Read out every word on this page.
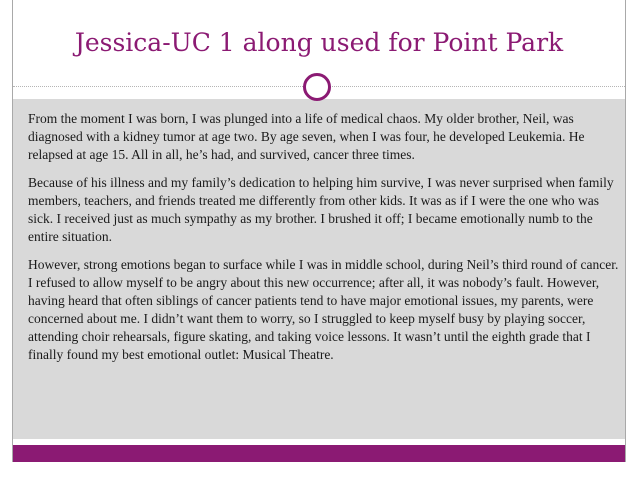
Jessica-UC 1 along used for Point Park

From the moment I was born, I was plunged into a life of medical chaos. My older brother, Neil, was diagnosed with a kidney tumor at age two. By age seven, when I was four, he developed Leukemia. He relapsed at age 15. All in all, he’s had, and survived, cancer three times.

Because of his illness and my family’s dedication to helping him survive, I was never surprised when family members, teachers, and friends treated me differently from other kids. It was as if I were the one who was sick. I received just as much sympathy as my brother. I brushed it off; I became emotionally numb to the entire situation.

However, strong emotions began to surface while I was in middle school, during Neil’s third round of cancer. I refused to allow myself to be angry about this new occurrence; after all, it was nobody’s fault. However, having heard that often siblings of cancer patients tend to have major emotional issues, my parents, were concerned about me. I didn’t want them to worry, so I struggled to keep myself busy by playing soccer, attending choir rehearsals, figure skating, and taking voice lessons. It wasn’t until the eighth grade that I finally found my best emotional outlet: Musical Theatre.
